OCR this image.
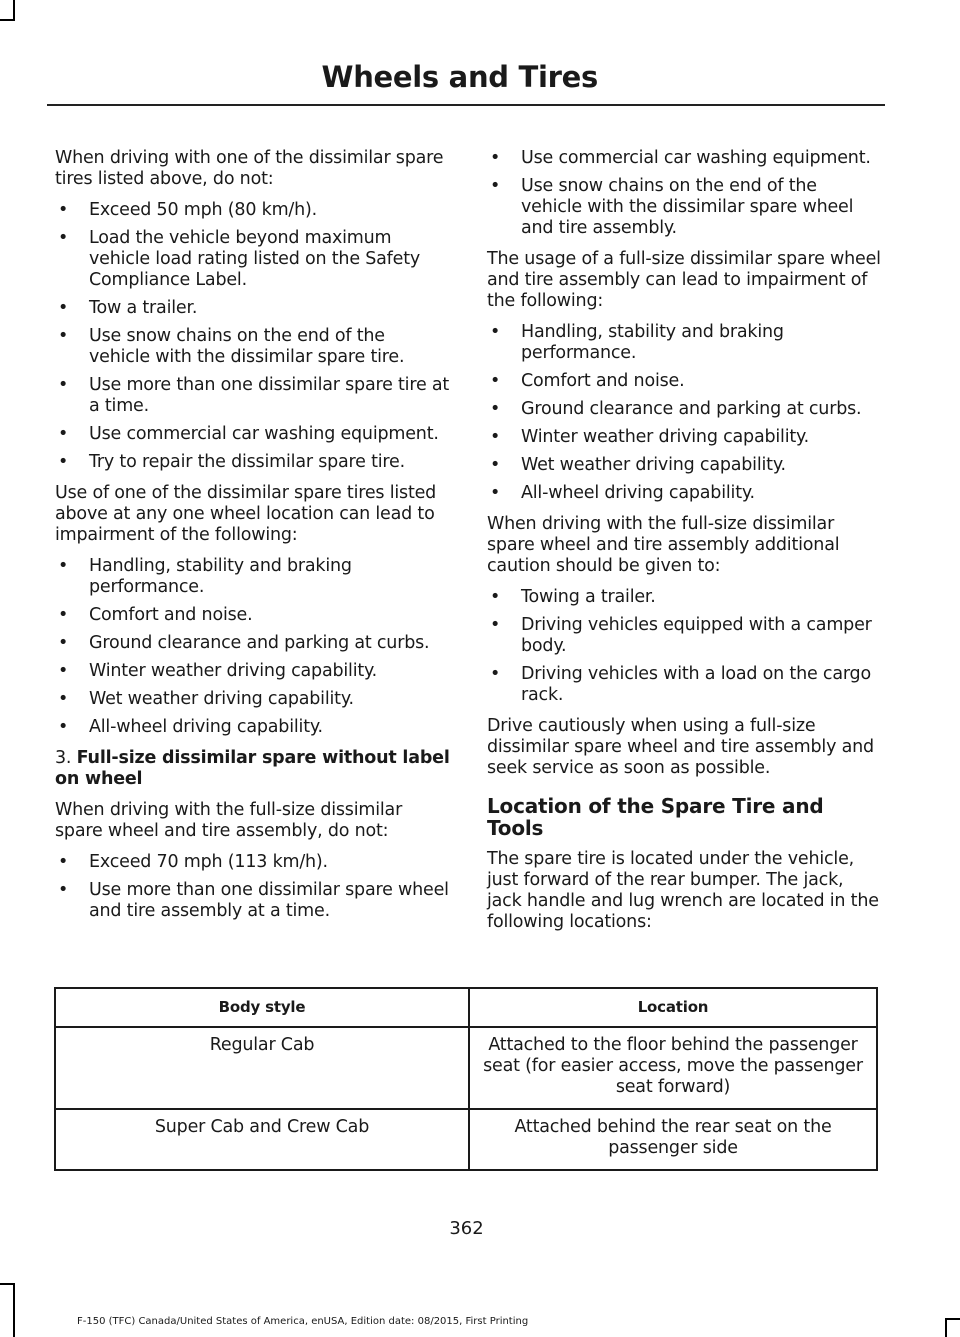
Wheels and Tires

When driving with one of the dissimilar spare tires listed above, do not:

• Exceed 50 mph (80 km/h).
• Load the vehicle beyond maximum vehicle load rating listed on the Safety Compliance Label.
• Tow a trailer.
• Use snow chains on the end of the vehicle with the dissimilar spare tire.
• Use more than one dissimilar spare tire at a time.
• Use commercial car washing equipment.
• Try to repair the dissimilar spare tire.

Use of one of the dissimilar spare tires listed above at any one wheel location can lead to impairment of the following:

• Handling, stability and braking performance.
• Comfort and noise.
• Ground clearance and parking at curbs.
• Winter weather driving capability.
• Wet weather driving capability.
• All-wheel driving capability.

3. Full-size dissimilar spare without label on wheel

When driving with the full-size dissimilar spare wheel and tire assembly, do not:

• Exceed 70 mph (113 km/h).
• Use more than one dissimilar spare wheel and tire assembly at a time.
• Use commercial car washing equipment.
• Use snow chains on the end of the vehicle with the dissimilar spare wheel and tire assembly.

The usage of a full-size dissimilar spare wheel and tire assembly can lead to impairment of the following:

• Handling, stability and braking performance.
• Comfort and noise.
• Ground clearance and parking at curbs.
• Winter weather driving capability.
• Wet weather driving capability.
• All-wheel driving capability.

When driving with the full-size dissimilar spare wheel and tire assembly additional caution should be given to:

• Towing a trailer.
• Driving vehicles equipped with a camper body.
• Driving vehicles with a load on the cargo rack.

Drive cautiously when using a full-size dissimilar spare wheel and tire assembly and seek service as soon as possible.

Location of the Spare Tire and Tools

The spare tire is located under the vehicle, just forward of the rear bumper. The jack, jack handle and lug wrench are located in the following locations:

Body style	Location
Regular Cab	Attached to the floor behind the passenger seat (for easier access, move the passenger seat forward)
Super Cab and Crew Cab	Attached behind the rear seat on the passenger side
362
F-150 (TFC) Canada/United States of America, enUSA, Edition date: 08/2015, First Printing
